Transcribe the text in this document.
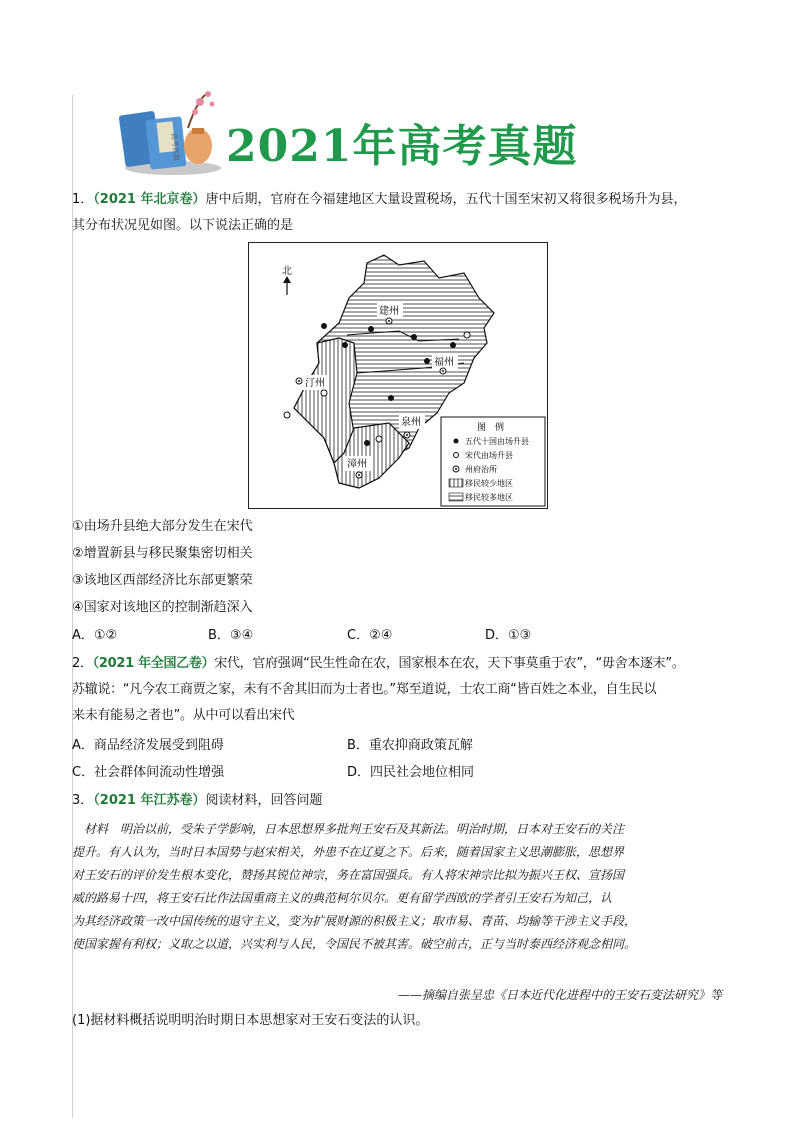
高考真题 2021年高考真题
1．（2021 年北京卷）唐中后期，官府在今福建地区大量设置税场，五代十国至宋初又将很多税场升为县，
其分布状况见如图。以下说法正确的是
北
建州
汀州
福州
泉州
漳州
图　例
五代十国由场升县
宋代由场升县
州府治所
移民较少地区
移民较多地区
①由场升县绝大部分发生在宋代
②增置新县与移民聚集密切相关
③该地区西部经济比东部更繁荣
④国家对该地区的控制渐趋深入
A．①②	B．③④	C．②④	D．①③
2．（2021 年全国乙卷）宋代，官府强调“民生性命在农，国家根本在农，天下事莫重于农”，“毋舍本逐末”。
苏辙说：“凡今农工商贾之家，未有不舍其旧而为士者也。”郑至道说，士农工商“皆百姓之本业，自生民以
来未有能易之者也”。从中可以看出宋代
A．商品经济发展受到阻碍	B．重农抑商政策瓦解
C．社会群体间流动性增强	D．四民社会地位相同
3．（2021 年江苏卷）阅读材料，回答问题
材料　明治以前，受朱子学影响，日本思想界多批判王安石及其新法。明治时期，日本对王安石的关注
提升。有人认为，当时日本国势与赵宋相关，外患不在辽夏之下。后来，随着国家主义思潮膨胀，思想界
对王安石的评价发生根本变化，赞扬其锐位神宗，务在富国强兵。有人将宋神宗比拟为振兴王权、宣扬国
威的路易十四，将王安石比作法国重商主义的典范柯尔贝尔。更有留学西欧的学者引王安石为知己，认
为其经济政策一改中国传统的退守主义，变为扩展财源的积极主义；取市易、青苗、均输等干涉主义手段，
使国家握有利权；义取之以道，兴实利与人民，令国民不被其害。破空前古，正与当时泰西经济观念相同。
——摘编自张呈忠《日本近代化进程中的王安石变法研究》等
(1)据材料概括说明明治时期日本思想家对王安石变法的认识。
